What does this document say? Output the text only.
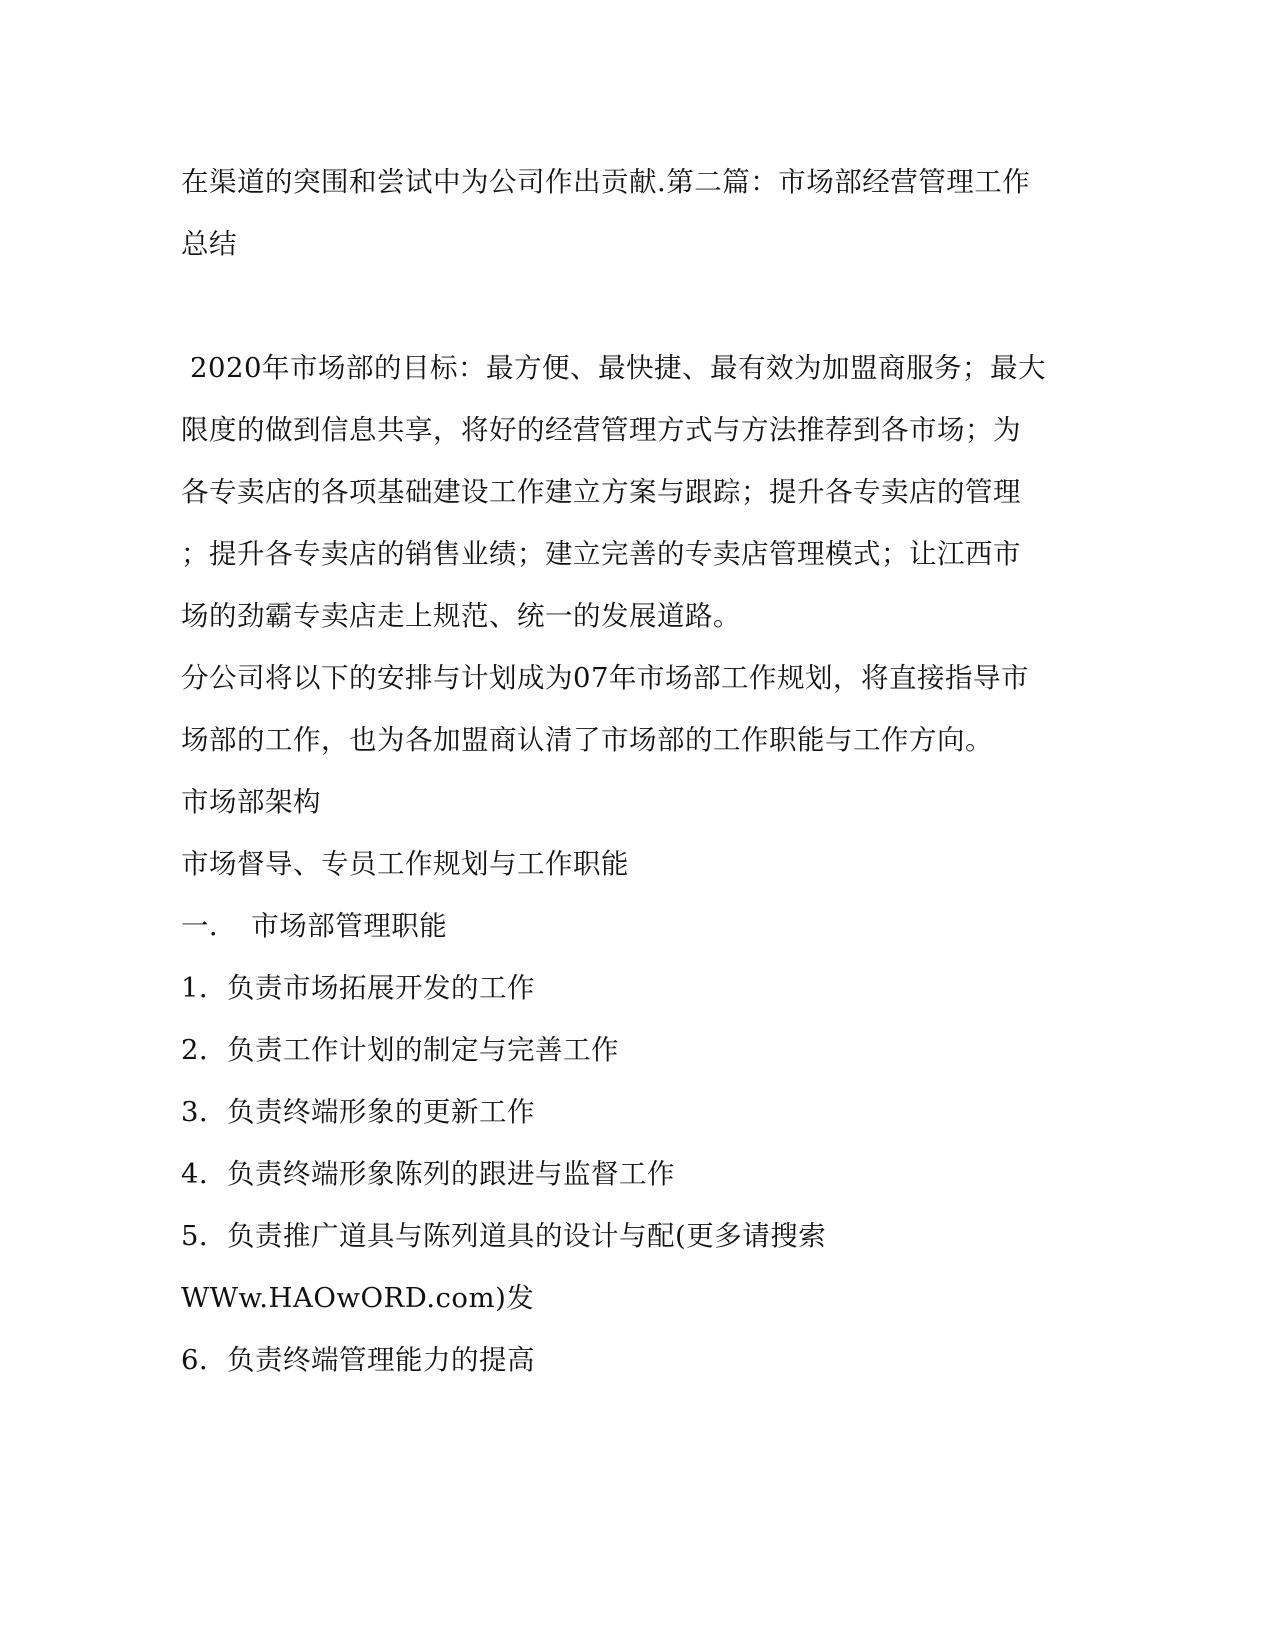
在渠道的突围和尝试中为公司作出贡献.第二篇：市场部经营管理工作
总结
2020年市场部的目标：最方便、最快捷、最有效为加盟商服务；最大
限度的做到信息共享，将好的经营管理方式与方法推荐到各市场；为
各专卖店的各项基础建设工作建立方案与跟踪；提升各专卖店的管理
；提升各专卖店的销售业绩；建立完善的专卖店管理模式；让江西市
场的劲霸专卖店走上规范、统一的发展道路。
分公司将以下的安排与计划成为07年市场部工作规划，将直接指导市
场部的工作，也为各加盟商认清了市场部的工作职能与工作方向。
市场部架构
市场督导、专员工作规划与工作职能
一．　市场部管理职能
1．负责市场拓展开发的工作
2．负责工作计划的制定与完善工作
3．负责终端形象的更新工作
4．负责终端形象陈列的跟进与监督工作
5．负责推广道具与陈列道具的设计与配(更多请搜索
WWw.HAOwORD.com)发
6．负责终端管理能力的提高
